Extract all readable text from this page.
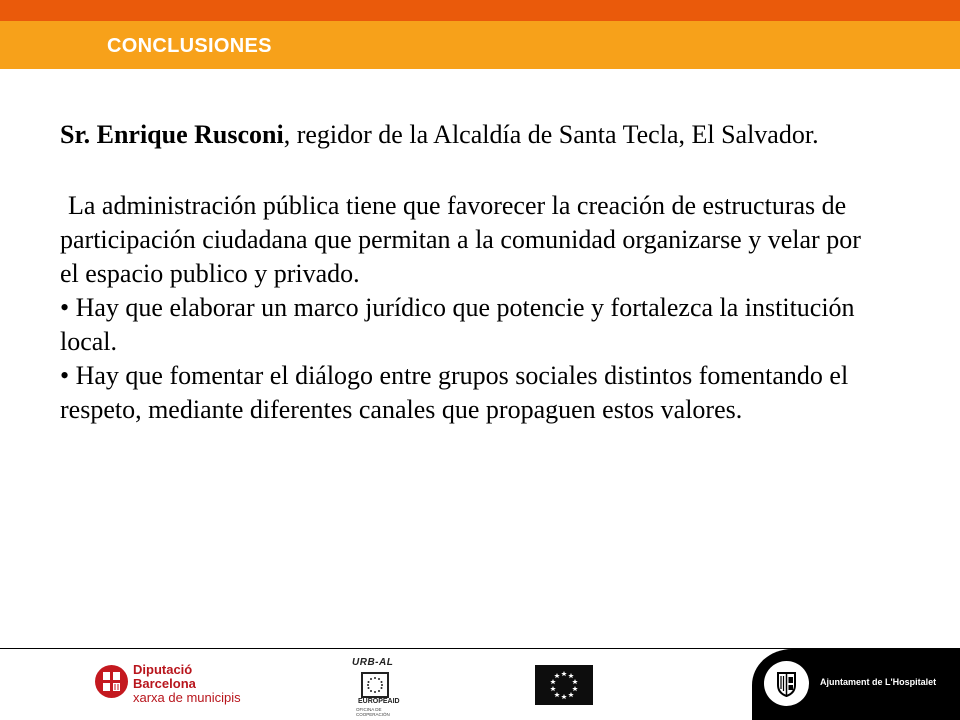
CONCLUSIONES

Sr. Enrique Rusconi, regidor de la Alcaldía de Santa Tecla, El Salvador.

La administración pública tiene que favorecer la creación de estructuras de participación ciudadana que permitan a la comunidad organizarse y velar por el espacio publico y privado.

• Hay que elaborar un marco jurídico que potencie y fortalezca la institución local.

• Hay que fomentar el diálogo entre grupos sociales distintos fomentando el respeto, mediante diferentes canales que propaguen estos valores.

Diputació
Barcelona
xarxa de municipis
URB-AL
EUROPEAID
OFICINA DE COOPERACIÓN
Ajuntament de L'Hospitalet
